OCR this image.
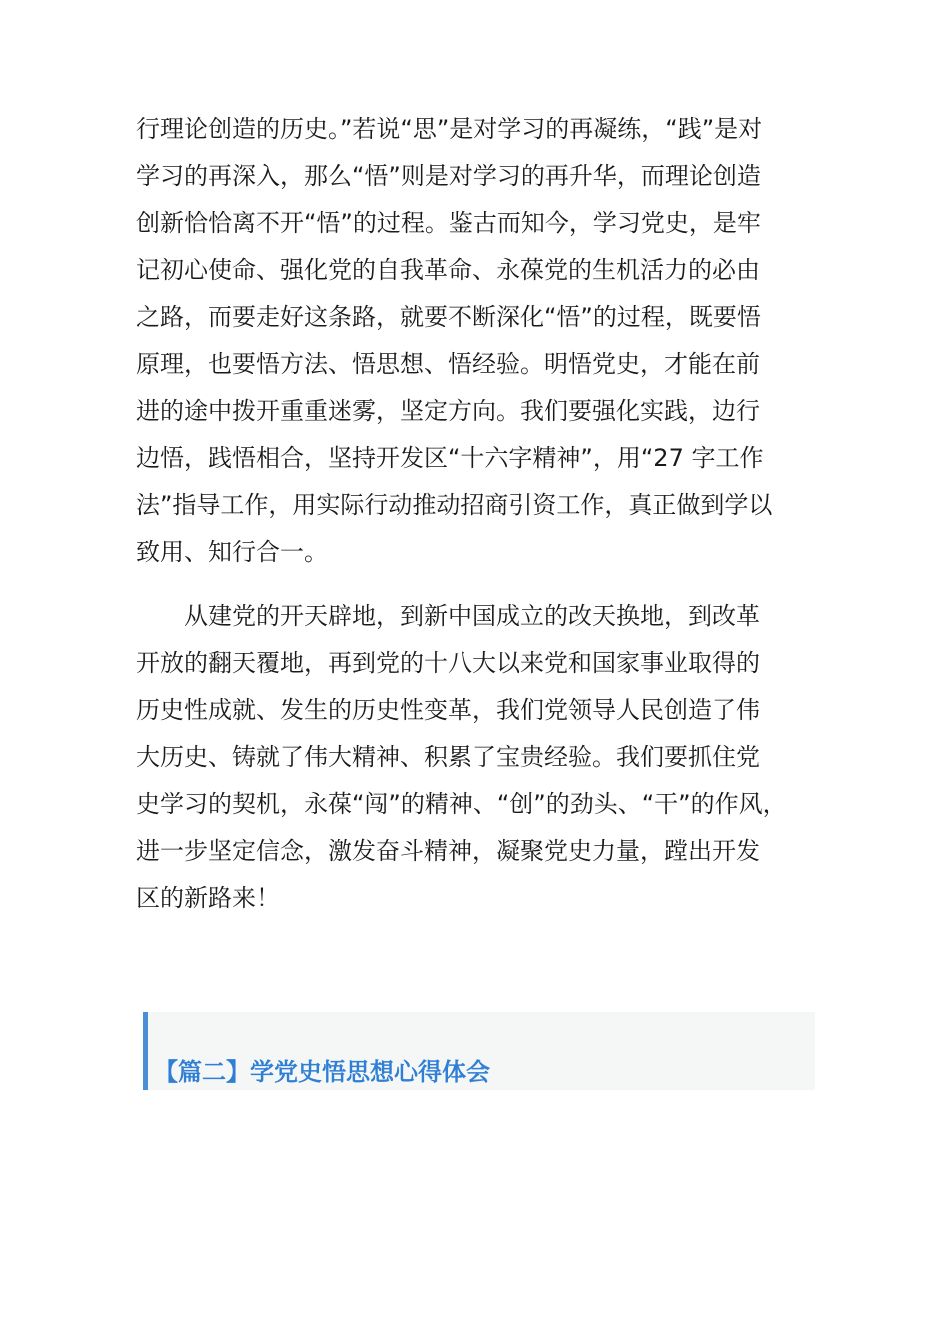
行理论创造的历史。”若说“思”是对学习的再凝练，“践”是对
学习的再深入，那么“悟”则是对学习的再升华，而理论创造
创新恰恰离不开“悟”的过程。鉴古而知今，学习党史，是牢
记初心使命、强化党的自我革命、永葆党的生机活力的必由
之路，而要走好这条路，就要不断深化“悟”的过程，既要悟
原理，也要悟方法、悟思想、悟经验。明悟党史，才能在前
进的途中拨开重重迷雾，坚定方向。我们要强化实践，边行
边悟，践悟相合，坚持开发区“十六字精神”，用“27 字工作
法”指导工作，用实际行动推动招商引资工作，真正做到学以
致用、知行合一。

　　从建党的开天辟地，到新中国成立的改天换地，到改革
开放的翻天覆地，再到党的十八大以来党和国家事业取得的
历史性成就、发生的历史性变革，我们党领导人民创造了伟
大历史、铸就了伟大精神、积累了宝贵经验。我们要抓住党
史学习的契机，永葆“闯”的精神、“创”的劲头、“干”的作风，
进一步坚定信念，激发奋斗精神，凝聚党史力量，蹚出开发
区的新路来！

【篇二】学党史悟思想心得体会
